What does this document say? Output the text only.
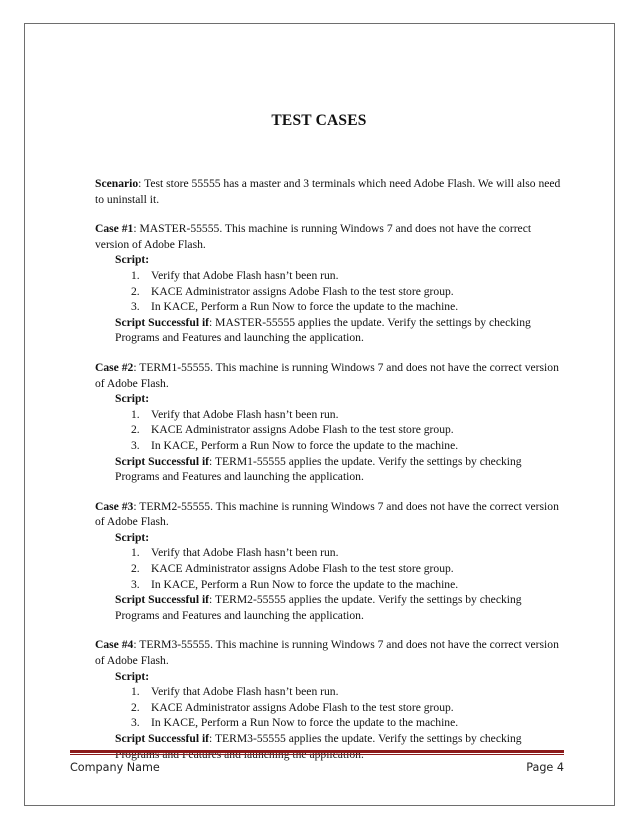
TEST CASES

Scenario: Test store 55555 has a master and 3 terminals which need Adobe Flash. We will also need to uninstall it.

Case #1: MASTER-55555. This machine is running Windows 7 and does not have the correct version of Adobe Flash.

Script:

1. Verify that Adobe Flash hasn’t been run.
2. KACE Administrator assigns Adobe Flash to the test store group.
3. In KACE, Perform a Run Now to force the update to the machine.

Script Successful if: MASTER-55555 applies the update. Verify the settings by checking Programs and Features and launching the application.

Case #2: TERM1-55555. This machine is running Windows 7 and does not have the correct version of Adobe Flash.

Script:

1. Verify that Adobe Flash hasn’t been run.
2. KACE Administrator assigns Adobe Flash to the test store group.
3. In KACE, Perform a Run Now to force the update to the machine.

Script Successful if: TERM1-55555 applies the update. Verify the settings by checking Programs and Features and launching the application.

Case #3: TERM2-55555. This machine is running Windows 7 and does not have the correct version of Adobe Flash.

Script:

1. Verify that Adobe Flash hasn’t been run.
2. KACE Administrator assigns Adobe Flash to the test store group.
3. In KACE, Perform a Run Now to force the update to the machine.

Script Successful if: TERM2-55555 applies the update. Verify the settings by checking Programs and Features and launching the application.

Case #4: TERM3-55555. This machine is running Windows 7 and does not have the correct version of Adobe Flash.

Script:

1. Verify that Adobe Flash hasn’t been run.
2. KACE Administrator assigns Adobe Flash to the test store group.
3. In KACE, Perform a Run Now to force the update to the machine.

Script Successful if: TERM3-55555 applies the update. Verify the settings by checking

Company Name	Page 4
